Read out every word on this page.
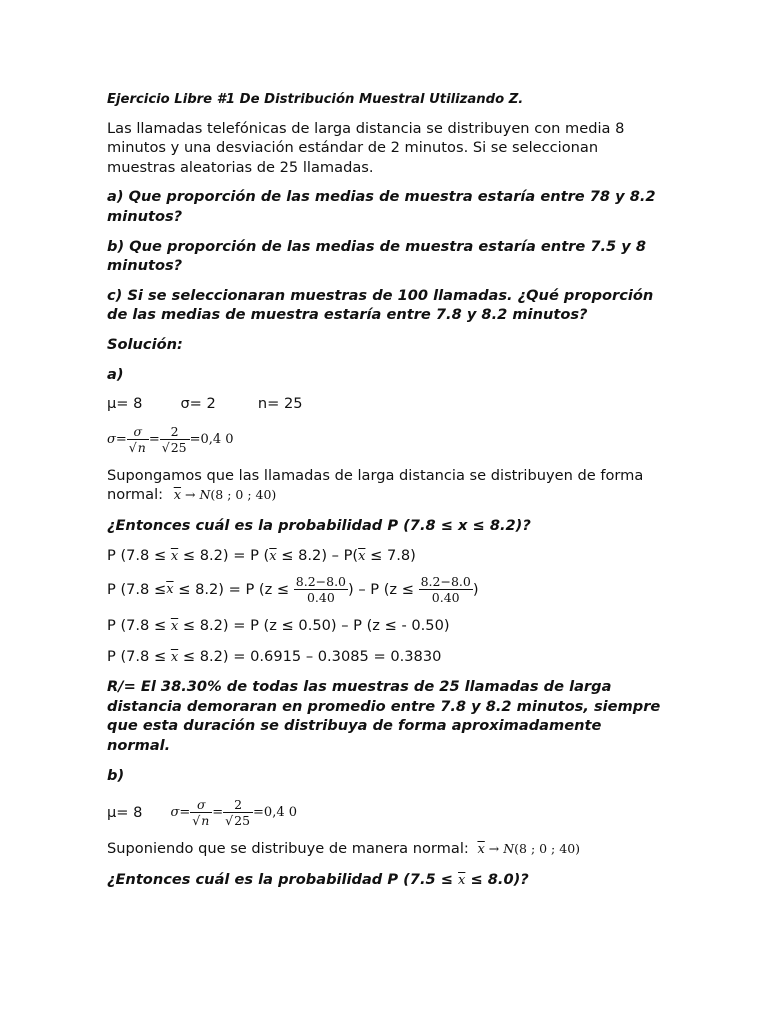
Ejercicio Libre #1 De Distribución Muestral Utilizando Z.

Las llamadas telefónicas de larga distancia se distribuyen con media 8 minutos y una desviación estándar de 2 minutos. Si se seleccionan muestras aleatorias de 25 llamadas.

a) Que proporción de las medias de muestra estaría entre 78 y 8.2 minutos?

b) Que proporción de las medias de muestra estaría entre 7.5 y 8 minutos?

c) Si se seleccionaran muestras de 100 llamadas. ¿Qué proporción de las medias de muestra estaría entre 7.8 y 8.2 minutos?

Solución:

a)

µ= 8	σ= 2	n= 25

$\sigma = \frac{\sigma}{√n} = \frac{2}{√25} =0,4$ 0

Supongamos que las llamadas de larga distancia se distribuyen de forma normal: $\overline{x} \to N(8$ ; 0 ; 40)

¿Entonces cuál es la probabilidad P (7.8 ≤ x ≤ 8.2)?

P $(7.8 \le \overline{x} \le 8.2) = P$ $(\overline{x} \le 8.2) - P(\overline{x} \le 7.8)$

P $(7.8 \le \overline{x} \le 8.2) = P$ ($z \le \frac{8.2-8.0}{0.40}$ ) – P ($z \le \frac{8.2-8.0}{0.40}$ )

P $(7.8 \le \overline{x} \le 8.2) = P$ (z ≤ 0.50) – P (z ≤ - 0.50)

P $(7.8 \le \overline{x} \le 8.2) = 0.6915 - 0.3085 = 0.3830$

R/= El 38.30% de todas las muestras de 25 llamadas de larga distancia demoraran en promedio entre 7.8 y 8.2 minutos, siempre que esta duración se distribuya de forma aproximadamente normal.

b)

µ= 8 $\sigma = \frac{\sigma}{√n} = \frac{2}{√25} =0,4$ 0

Suponiendo que se distribuye de manera normal: $\overline{x} \to N(8$ ; 0 ; 40)

¿Entonces cuál es la probabilidad P $(7.5 \le \overline{x} \le 8.0)$?
